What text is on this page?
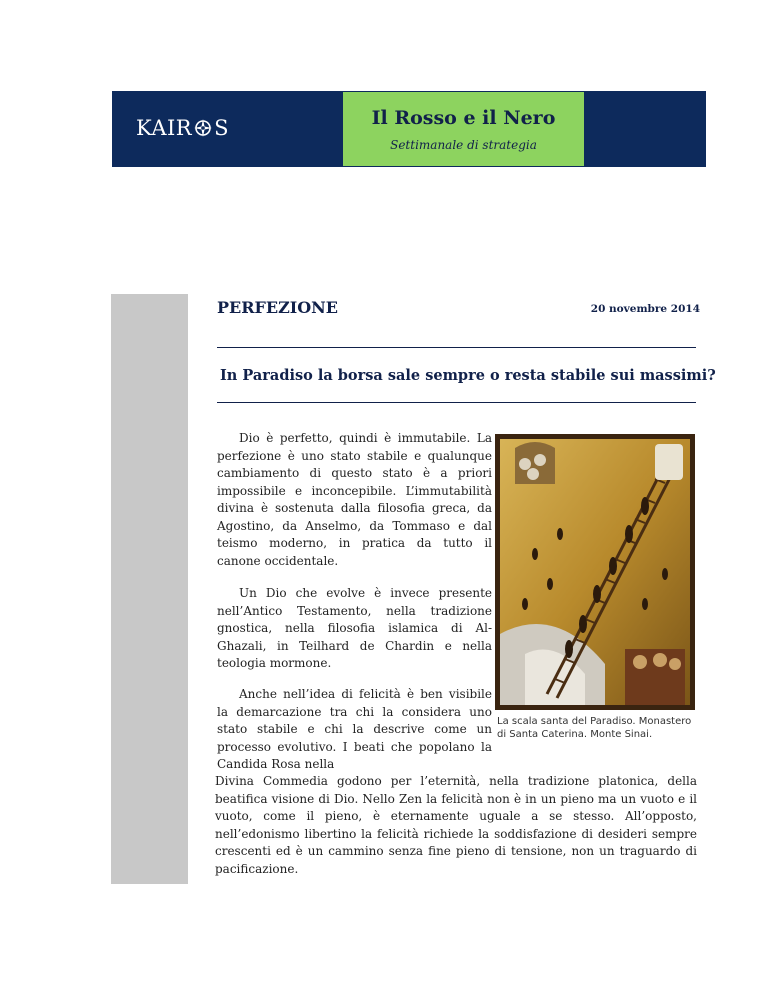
KAIR S	Il Rosso e il Nero
Settimanale di strategia
PERFEZIONE	20 novembre 2014
In Paradiso la borsa sale sempre o resta stabile sui massimi?
Dio è perfetto, quindi è immutabile. La perfezione è uno stato stabile e qualunque cambiamento di questo stato è a priori impossibile e inconcepibile. L’immutabilità divina è sostenuta dalla filosofia greca, da Agostino, da Anselmo, da Tommaso e dal teismo moderno, in pratica da tutto il canone occidentale.
Un Dio che evolve è invece presente nell’Antico Testamento, nella tradizione gnostica, nella filosofia islamica di Al-Ghazali, in Teilhard de Chardin e nella teologia mormone.
Anche nell’idea di felicità è ben visibile la demarcazione tra chi la considera uno stato stabile e chi la descrive come un processo evolutivo. I beati che popolano la Candida Rosa nella
Divina Commedia godono per l’eternità, nella tradizione platonica, della beatifica visione di Dio. Nello Zen la felicità non è in un pieno ma un vuoto e il vuoto, come il pieno, è eternamente uguale a se stesso. All’opposto, nell’edonismo libertino la felicità richiede la soddisfazione di desideri sempre crescenti ed è un cammino senza fine pieno di tensione, non un traguardo di pacificazione.
La scala santa del Paradiso. Monastero di Santa Caterina. Monte Sinai.
